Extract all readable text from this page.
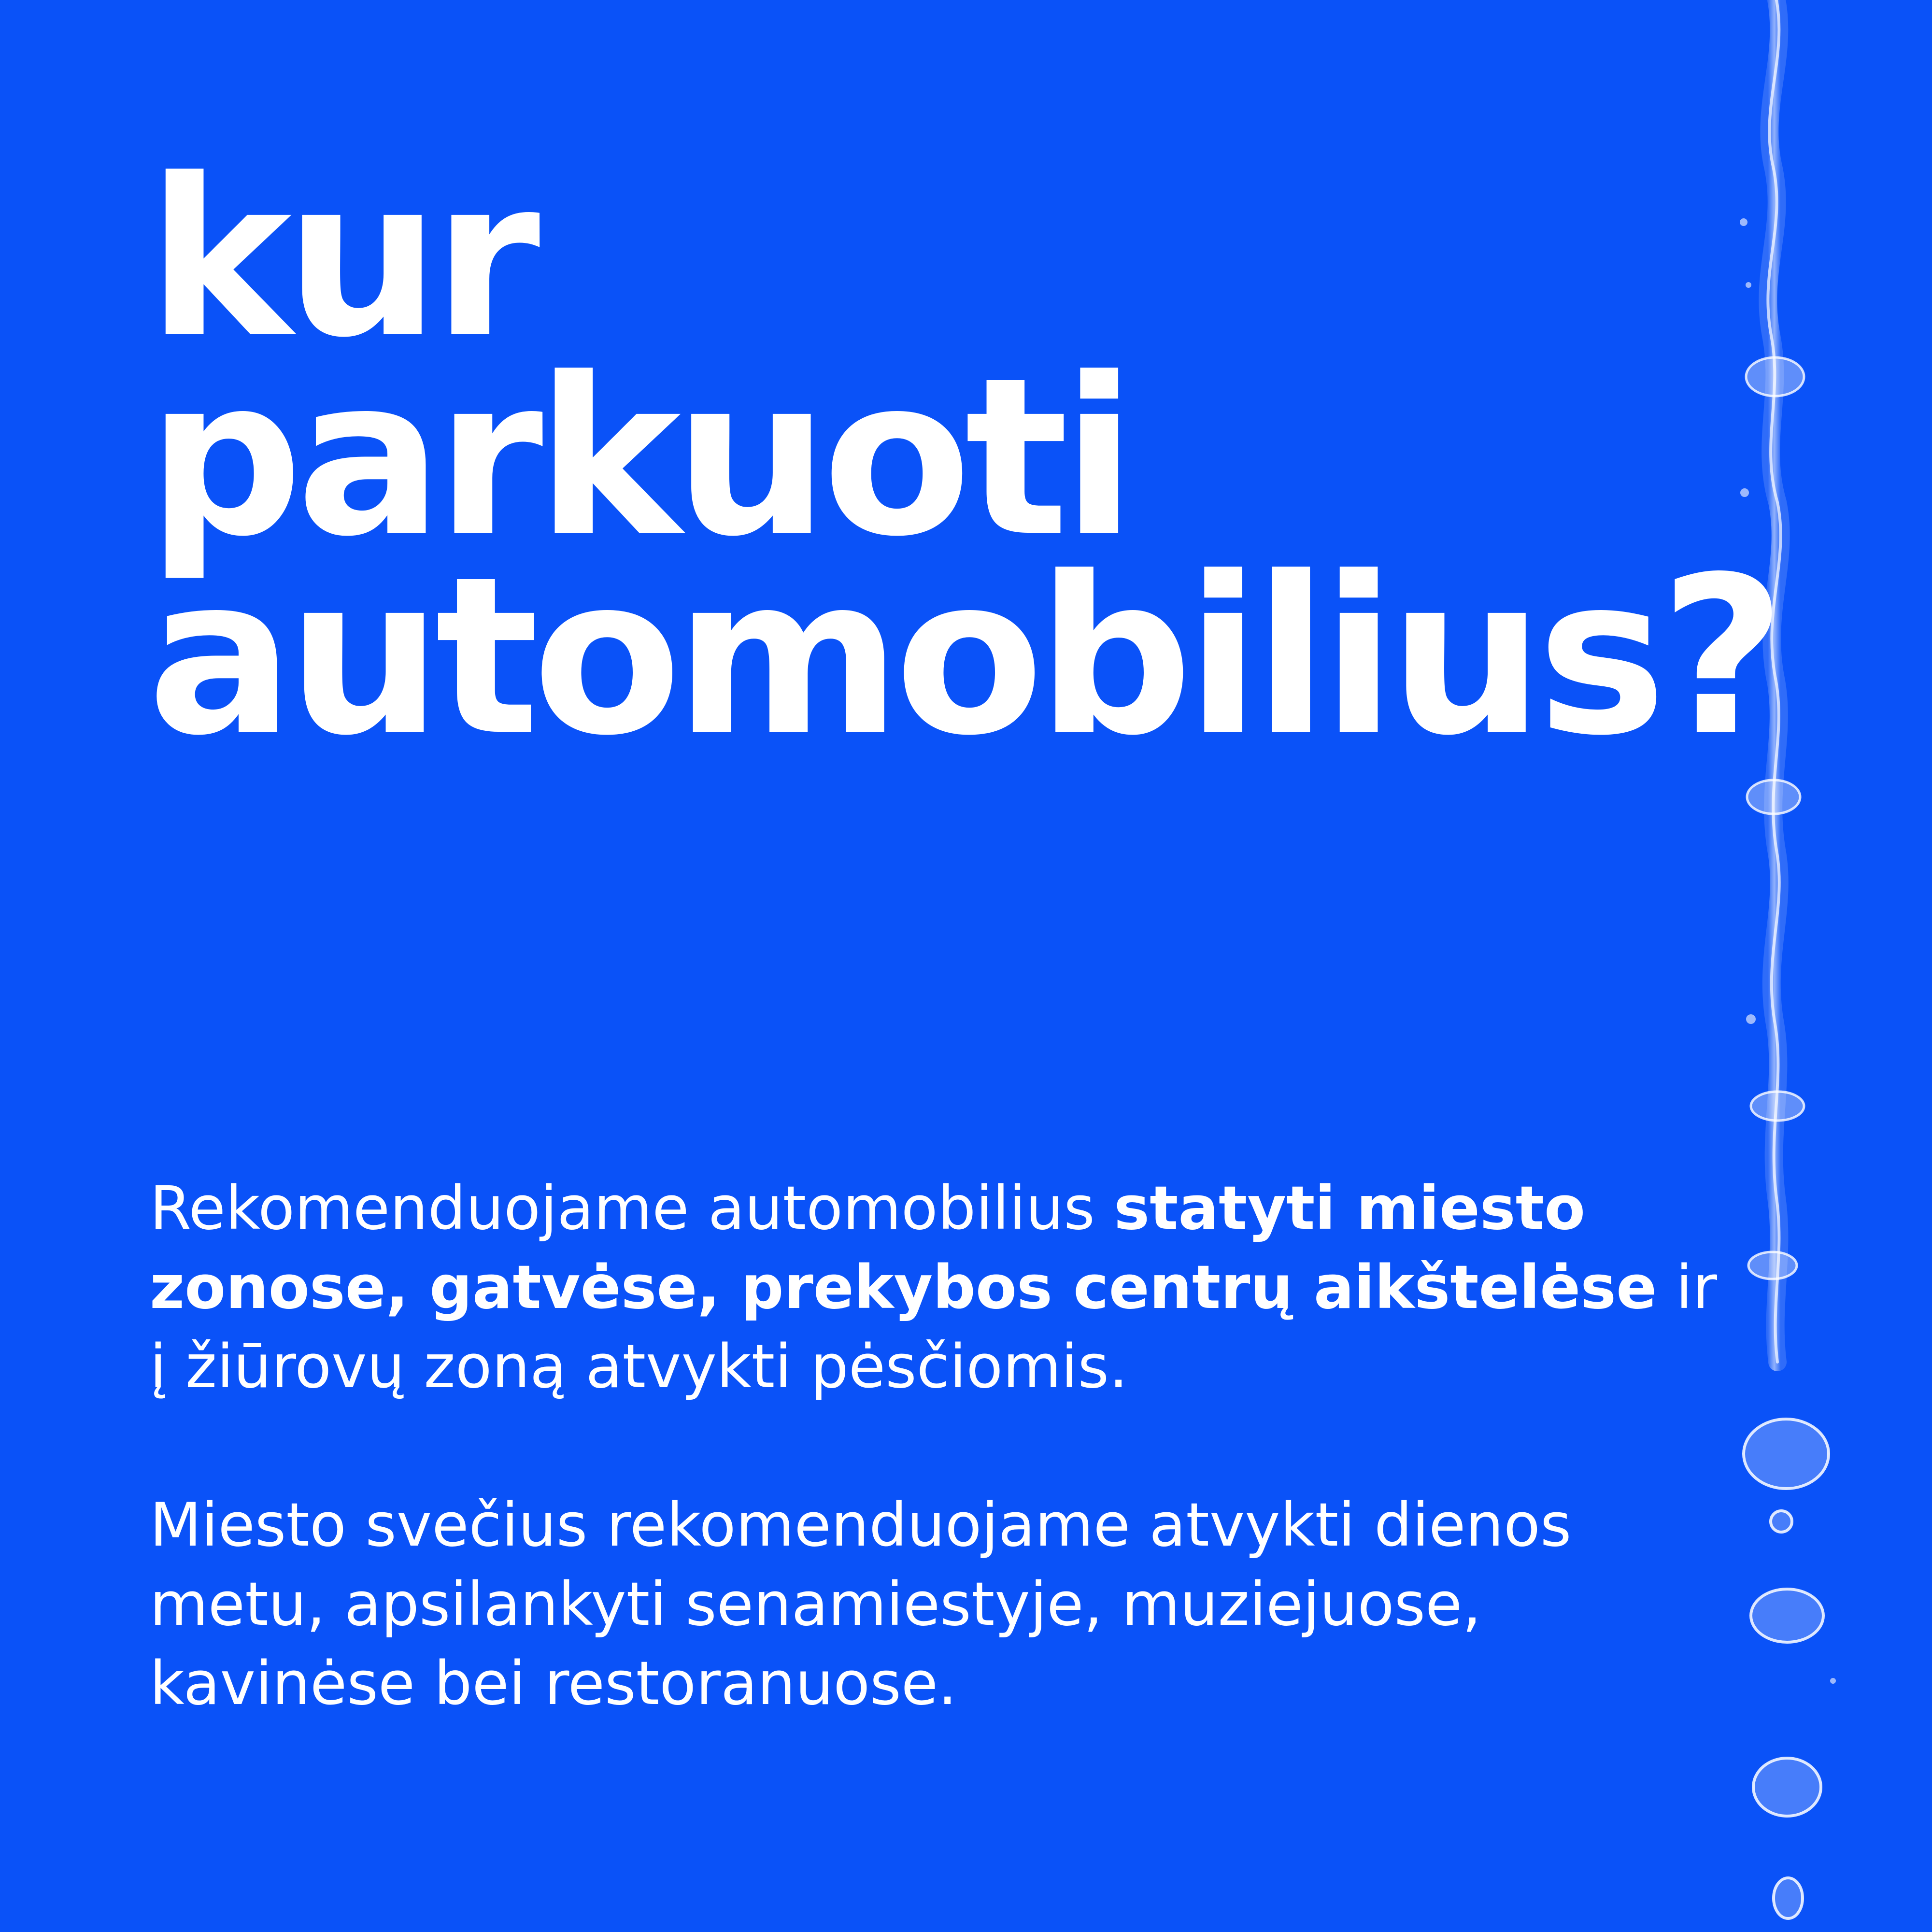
kur
parkuoti
automobilius?

Rekomenduojame automobilius statyti miesto zonose, gatvėse, prekybos centrų aikštelėse ir į žiūrovų zoną atvykti pėsčiomis.

Miesto svečius rekomenduojame atvykti dienos metu, apsilankyti senamiestyje, muziejuose, kavinėse bei restoranuose.
